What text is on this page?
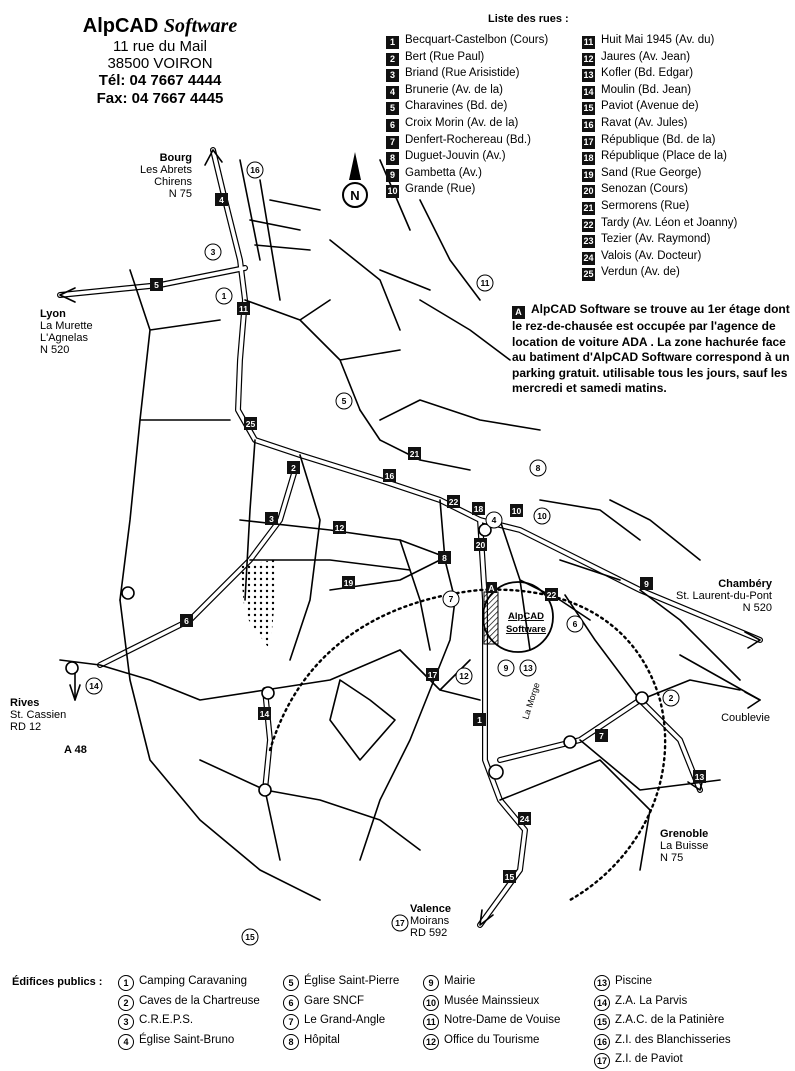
N
4
5
11
25
2
3
12
19
6
14
16
21
22
18
20
10
8
22
9
17
1
7
13
24
15
A
16
3
1
11
5
8
4	10
7
6
9 13
12
2
14
15
17
AlpCAD
Software
La Morge
AlpCAD Software
11 rue du Mail
38500 VOIRON
Tél: 04 7667 4444
Fax: 04 7667 4445
Liste des rues :
1 Becquart-Castelbon (Cours)
2 Bert (Rue Paul)
3 Briand (Rue Arisistide)
4 Brunerie (Av. de la)
5 Charavines (Bd. de)
6 Croix Morin (Av. de la)
7 Denfert-Rochereau (Bd.)
8 Duguet-Jouvin (Av.)
9 Gambetta (Av.)
10 Grande (Rue)
11 Huit Mai 1945 (Av. du)
12 Jaures (Av. Jean)
13 Kofler (Bd. Edgar)
14 Moulin (Bd. Jean)
15 Paviot (Avenue de)
16 Ravat (Av. Jules)
17 République (Bd. de la)
18 République (Place de la)
19 Sand (Rue George)
20 Senozan (Cours)
21 Sermorens (Rue)
22 Tardy (Av. Léon et Joanny)
23 Tezier (Av. Raymond)
24 Valois (Av. Docteur)
25 Verdun (Av. de)
A AlpCAD Software se trouve au 1er étage dont le rez-de-chausée est occupée par l'agence de location de voiture ADA . La zone hachurée face au batiment d'AlpCAD Software correspond à un parking gratuit. utilisable tous les jours, sauf les mercredi et samedi matins.
Bourg
Les Abrets
Chirens
N 75
Lyon
La Murette
L'Agnelas
N 520
Rives
St. Cassien
RD 12
A 48
Chambéry
St. Laurent-du-Pont
N 520
Coublevie
Grenoble
La Buisse
N 75
Valence
Moirans
RD 592
Édifices publics :	1 Camping Caravaning
2 Caves de la Chartreuse
3 C.R.E.P.S.
4 Église Saint-Bruno
5 Église Saint-Pierre
6 Gare SNCF
7 Le Grand-Angle
8 Hôpital
9 Mairie
10 Musée Mainssieux
11 Notre-Dame de Vouise
12 Office du Tourisme
13 Piscine
14 Z.A. La Parvis
15 Z.A.C. de la Patinière
16 Z.I. des Blanchisseries
17 Z.I. de Paviot
